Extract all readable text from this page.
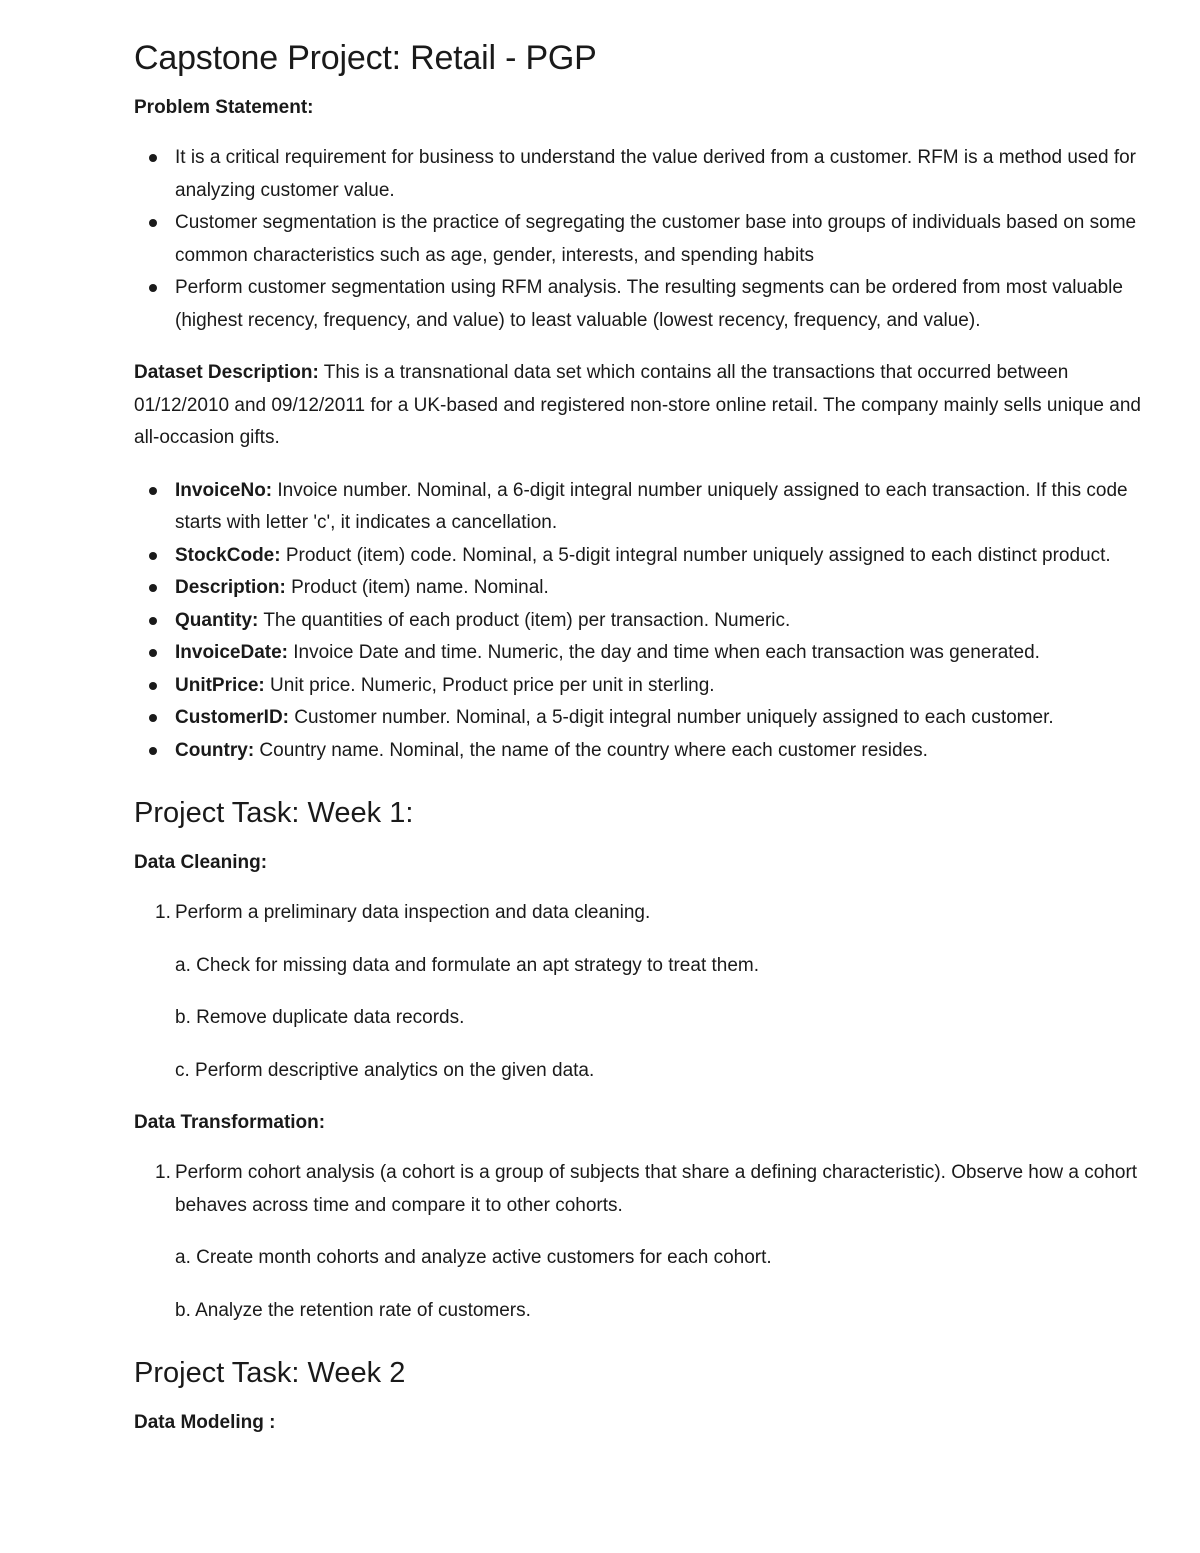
Capstone Project: Retail - PGP
Problem Statement:
It is a critical requirement for business to understand the value derived from a customer. RFM is a method used for analyzing customer value.
Customer segmentation is the practice of segregating the customer base into groups of individuals based on some common characteristics such as age, gender, interests, and spending habits
Perform customer segmentation using RFM analysis. The resulting segments can be ordered from most valuable (highest recency, frequency, and value) to least valuable (lowest recency, frequency, and value).

Dataset Description: This is a transnational data set which contains all the transactions that occurred between 01/12/2010 and 09/12/2011 for a UK-based and registered non-store online retail. The company mainly sells unique and all-occasion gifts.

InvoiceNo: Invoice number. Nominal, a 6-digit integral number uniquely assigned to each transaction. If this code starts with letter 'c', it indicates a cancellation.
StockCode: Product (item) code. Nominal, a 5-digit integral number uniquely assigned to each distinct product.
Description: Product (item) name. Nominal.
Quantity: The quantities of each product (item) per transaction. Numeric.
InvoiceDate: Invoice Date and time. Numeric, the day and time when each transaction was generated.
UnitPrice: Unit price. Numeric, Product price per unit in sterling.
CustomerID: Customer number. Nominal, a 5-digit integral number uniquely assigned to each customer.
Country: Country name. Nominal, the name of the country where each customer resides.
Project Task: Week 1:
Data Cleaning:
1. Perform a preliminary data inspection and data cleaning.
a. Check for missing data and formulate an apt strategy to treat them.
b. Remove duplicate data records.
c. Perform descriptive analytics on the given data.
Data Transformation:
1. Perform cohort analysis (a cohort is a group of subjects that share a defining characteristic). Observe how a cohort behaves across time and compare it to other cohorts.
a. Create month cohorts and analyze active customers for each cohort.
b. Analyze the retention rate of customers.
Project Task: Week 2
Data Modeling :
